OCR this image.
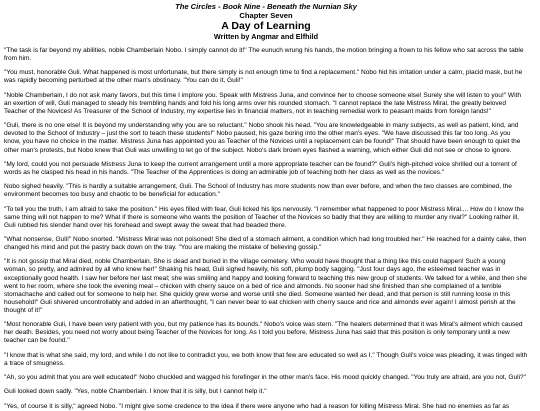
The Circles - Book Nine - Beneath the Nurnian Sky
Chapter Seven
A Day of Learning
Written by Angmar and Elfhild

"The task is far beyond my abilities, noble Chamberlain Nobo. I simply cannot do it!" The eunuch wrung his hands, the motion bringing a frown to his fellow who sat across the table from him.

"You must, honorable Guli. What happened is most unfortunate, but there simply is not enough time to find a replacement." Nobo hid his irritation under a calm, placid mask, but he was rapidly becoming perturbed at the other man's obstinacy. "You can do it, Guli!"

"Noble Chamberlain, I do not ask many favors, but this time I implore you. Speak with Mistress Juna, and convince her to choose someone else! Surely she will listen to you!" With an exertion of will, Guli managed to steady his trembling hands and fold his long arms over his rounded stomach. "I cannot replace the late Mistress Miral, the greatly beloved Teacher of the Novices! As Treasurer of the School of Industry, my expertise lies in financial matters, not in teaching remedial work to peasant maids from foreign lands!"

"Guli, there is no one else! It is beyond my understanding why you are so reluctant." Nobo shook his head. "You are knowledgeable in many subjects, as well as patient, kind, and devoted to the School of Industry – just the sort to teach these students!" Nobo paused, his gaze boring into the other man's eyes. "We have discussed this far too long. As you know, you have no choice in the matter. Mistress Juna has appointed you as Teacher of the Novices until a replacement can be found!" That should have been enough to quiet the other man's protests, but Nobo knew that Guli was unwilling to let go of the subject. Nobo's dark brown eyes flashed a warning, which either Guli did not see or chose to ignore.

"My lord, could you not persuade Mistress Juna to keep the current arrangement until a more appropriate teacher can be found?" Guli's high-pitched voice shrilled out a torrent of words as he clasped his head in his hands. "The Teacher of the Apprentices is doing an admirable job of teaching both her class as well as the novices."

Nobo sighed heavily. "This is hardly a suitable arrangement, Guli. The School of Industry has more students now than ever before, and when the two classes are combined, the environment becomes too busy and chaotic to be beneficial for education."

"To tell you the truth, I am afraid to take the position." His eyes filled with fear, Guli licked his lips nervously. "I remember what happened to poor Mistress Miral.... How do I know the same thing will not happen to me? What if there is someone who wants the position of Teacher of the Novices so badly that they are willing to murder any rival?" Looking rather ill, Guli rubbed his slender hand over his forehead and swept away the sweat that had beaded there.

"What nonsense, Guli!" Nobo snorted. "Mistress Miral was not poisoned! She died of a stomach ailment, a condition which had long troubled her." He reached for a dainty cake, then changed his mind and put the pastry back down on the tray. "You are making the mistake of believing gossip."

"It is not gossip that Miral died, noble Chamberlain. She is dead and buried in the village cemetery. Who would have thought that a thing like this could happen! Such a young woman, so pretty, and admired by all who knew her!" Shaking his head, Guli sighed heavily, his soft, plump body sagging. "Just four days ago, the esteemed teacher was in exceptionally good health. I saw her before her last meal; she was smiling and happy and looking forward to teaching this new group of students. We talked for a while, and then she went to her room, where she took the evening meal – chicken with cherry sauce on a bed of rice and almonds. No sooner had she finished than she complained of a terrible stomachache and called out for someone to help her. She quickly grew worse and worse until she died. Someone wanted her dead, and that person is still running loose in this household!" Guli shivered uncontrollably and added in an afterthought, "I can never bear to eat chicken with cherry sauce and rice and almonds ever again! I almost perish at the thought of it!"

"Most honorable Guli, I have been very patient with you, but my patience has its bounds." Nobo's voice was stern. "The healers determined that it was Miral's ailment which caused her death. Besides, you need not worry about being Teacher of the Novices for long. As I told you before, Mistress Juna has said that this position is only temporary until a new teacher can be found."

"I know that is what she said, my lord, and while I do not like to contradict you, we both know that few are educated so well as I." Though Guli's voice was pleading, it was tinged with a trace of smugness.

"Ah, so you admit that you are well educated!" Nobo chuckled and wagged his forefinger in the other man's face. His mood quickly changed. "You truly are afraid, are you not, Guli?"

Guli looked down sadly. "Yes, noble Chamberlain. I know that it is silly, but I cannot help it."

"Yes, of course it is silly," agreed Nobo. "I might give some credence to the idea if there were anyone who had a reason for killing Mistress Miral. She had no enemies as far as
